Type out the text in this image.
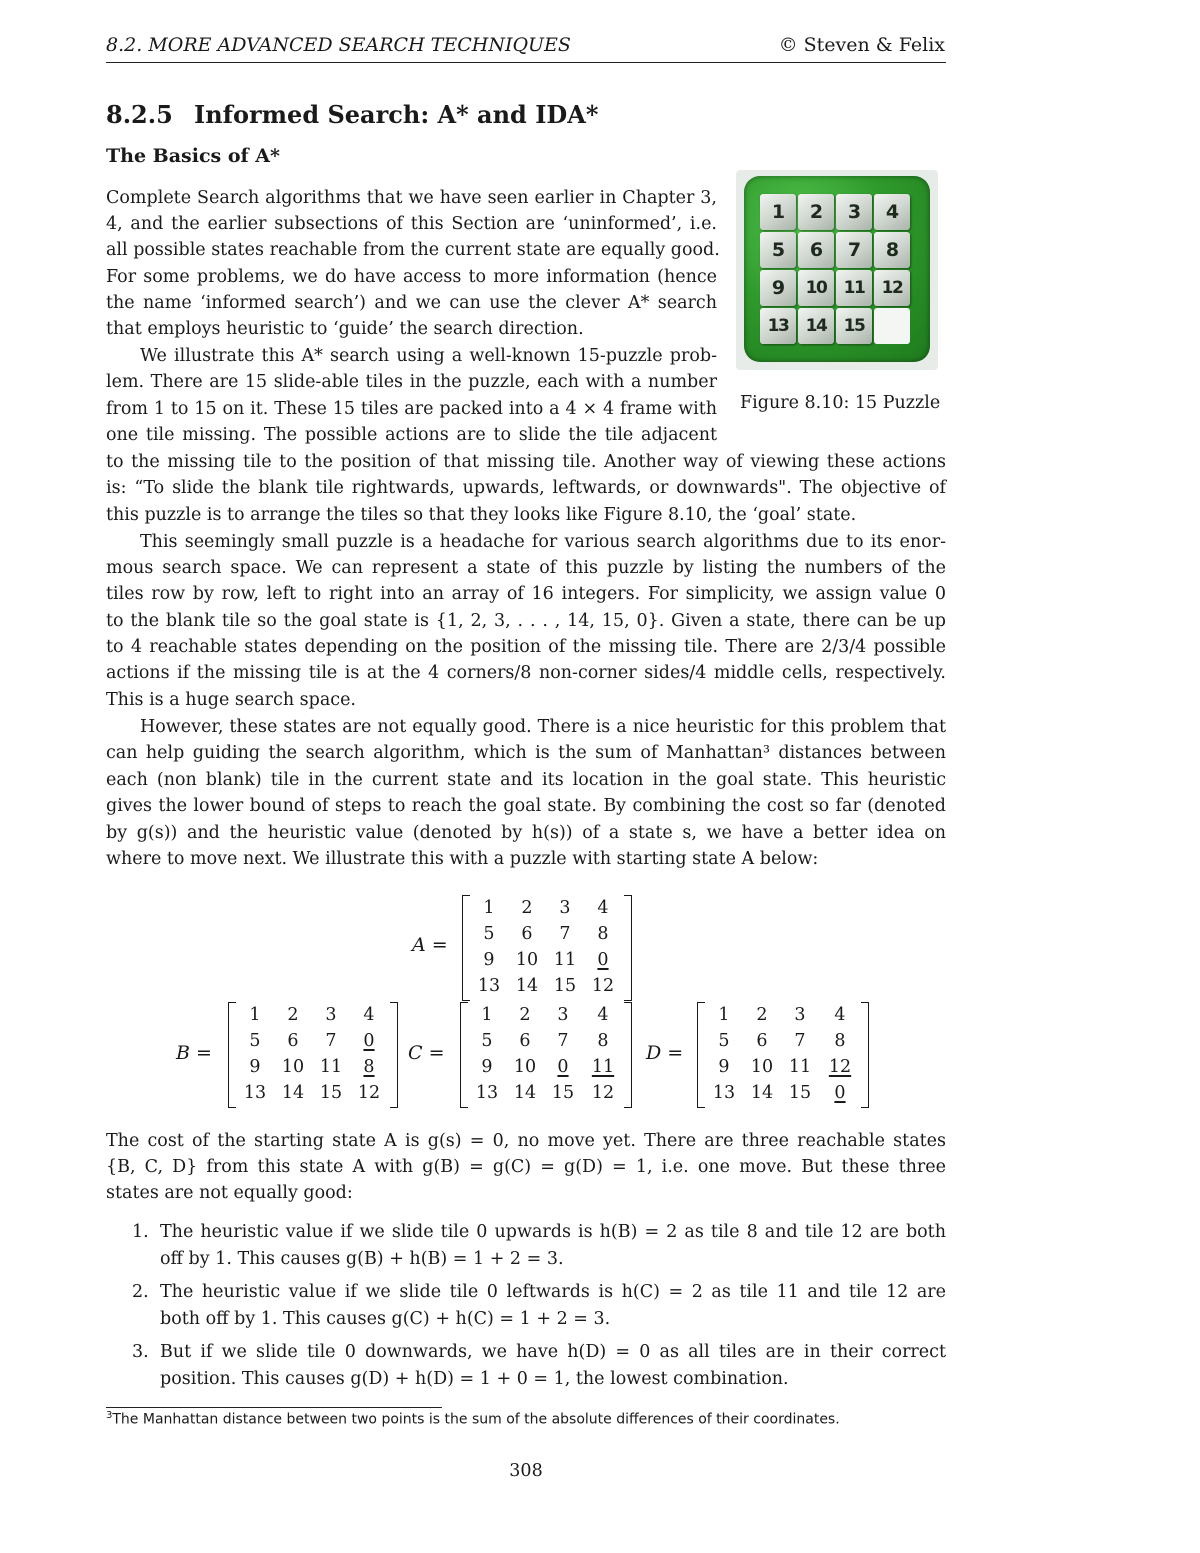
8.2. MORE ADVANCED SEARCH TECHNIQUES	© Steven & Felix
8.2.5 Informed Search: A* and IDA*
The Basics of A*
Complete Search algorithms that we have seen earlier in Chapter 3,
4, and the earlier subsections of this Section are ‘uninformed’, i.e.
all possible states reachable from the current state are equally good.
For some problems, we do have access to more information (hence
the name ‘informed search’) and we can use the clever A* search
that employs heuristic to ‘guide’ the search direction.
We illustrate this A* search using a well-known 15-puzzle prob-
lem. There are 15 slide-able tiles in the puzzle, each with a number
from 1 to 15 on it. These 15 tiles are packed into a 4 × 4 frame with
one tile missing. The possible actions are to slide the tile adjacent
to the missing tile to the position of that missing tile. Another way of viewing these actions
is: “To slide the blank tile rightwards, upwards, leftwards, or downwards". The objective of
this puzzle is to arrange the tiles so that they looks like Figure 8.10, the ‘goal’ state.
This seemingly small puzzle is a headache for various search algorithms due to its enor-
mous search space. We can represent a state of this puzzle by listing the numbers of the
tiles row by row, left to right into an array of 16 integers. For simplicity, we assign value 0
to the blank tile so the goal state is {1, 2, 3, . . . , 14, 15, 0}. Given a state, there can be up
to 4 reachable states depending on the position of the missing tile. There are 2/3/4 possible
actions if the missing tile is at the 4 corners/8 non-corner sides/4 middle cells, respectively.
This is a huge search space.
However, these states are not equally good. There is a nice heuristic for this problem that
can help guiding the search algorithm, which is the sum of Manhattan³ distances between
each (non blank) tile in the current state and its location in the goal state. This heuristic
gives the lower bound of steps to reach the goal state. By combining the cost so far (denoted
by g(s)) and the heuristic value (denoted by h(s)) of a state s, we have a better idea on
where to move next. We illustrate this with a puzzle with starting state A below:
1	2	3	4
5	6	7	8
9	10	11	12
13	14	15
Figure 8.10: 15 Puzzle
A =
1	2	3	4
5	6	7	8
9	10 11	0
13 14 15 12
B =
1	2	3	4
5	6	7	0
9	10 11	8
13 14 15 12
C =
1	2	3	4
5	6	7	8
9	10	0	11
13 14 15	12
D =
1	2	3	4
5	6	7	8
9	10 11	12
13 14 15	0
The cost of the starting state A is g(s) = 0, no move yet. There are three reachable states
{B, C, D} from this state A with g(B) = g(C) = g(D) = 1, i.e. one move. But these three
states are not equally good:
1. The heuristic value if we slide tile 0 upwards is h(B) = 2 as tile 8 and tile 12 are both
off by 1. This causes g(B) + h(B) = 1 + 2 = 3.
2. The heuristic value if we slide tile 0 leftwards is h(C) = 2 as tile 11 and tile 12 are
both off by 1. This causes g(C) + h(C) = 1 + 2 = 3.
3. But if we slide tile 0 downwards, we have h(D) = 0 as all tiles are in their correct
position. This causes g(D) + h(D) = 1 + 0 = 1, the lowest combination.
$^3$The Manhattan distance between two points is the sum of the absolute differences of their coordinates.
308
